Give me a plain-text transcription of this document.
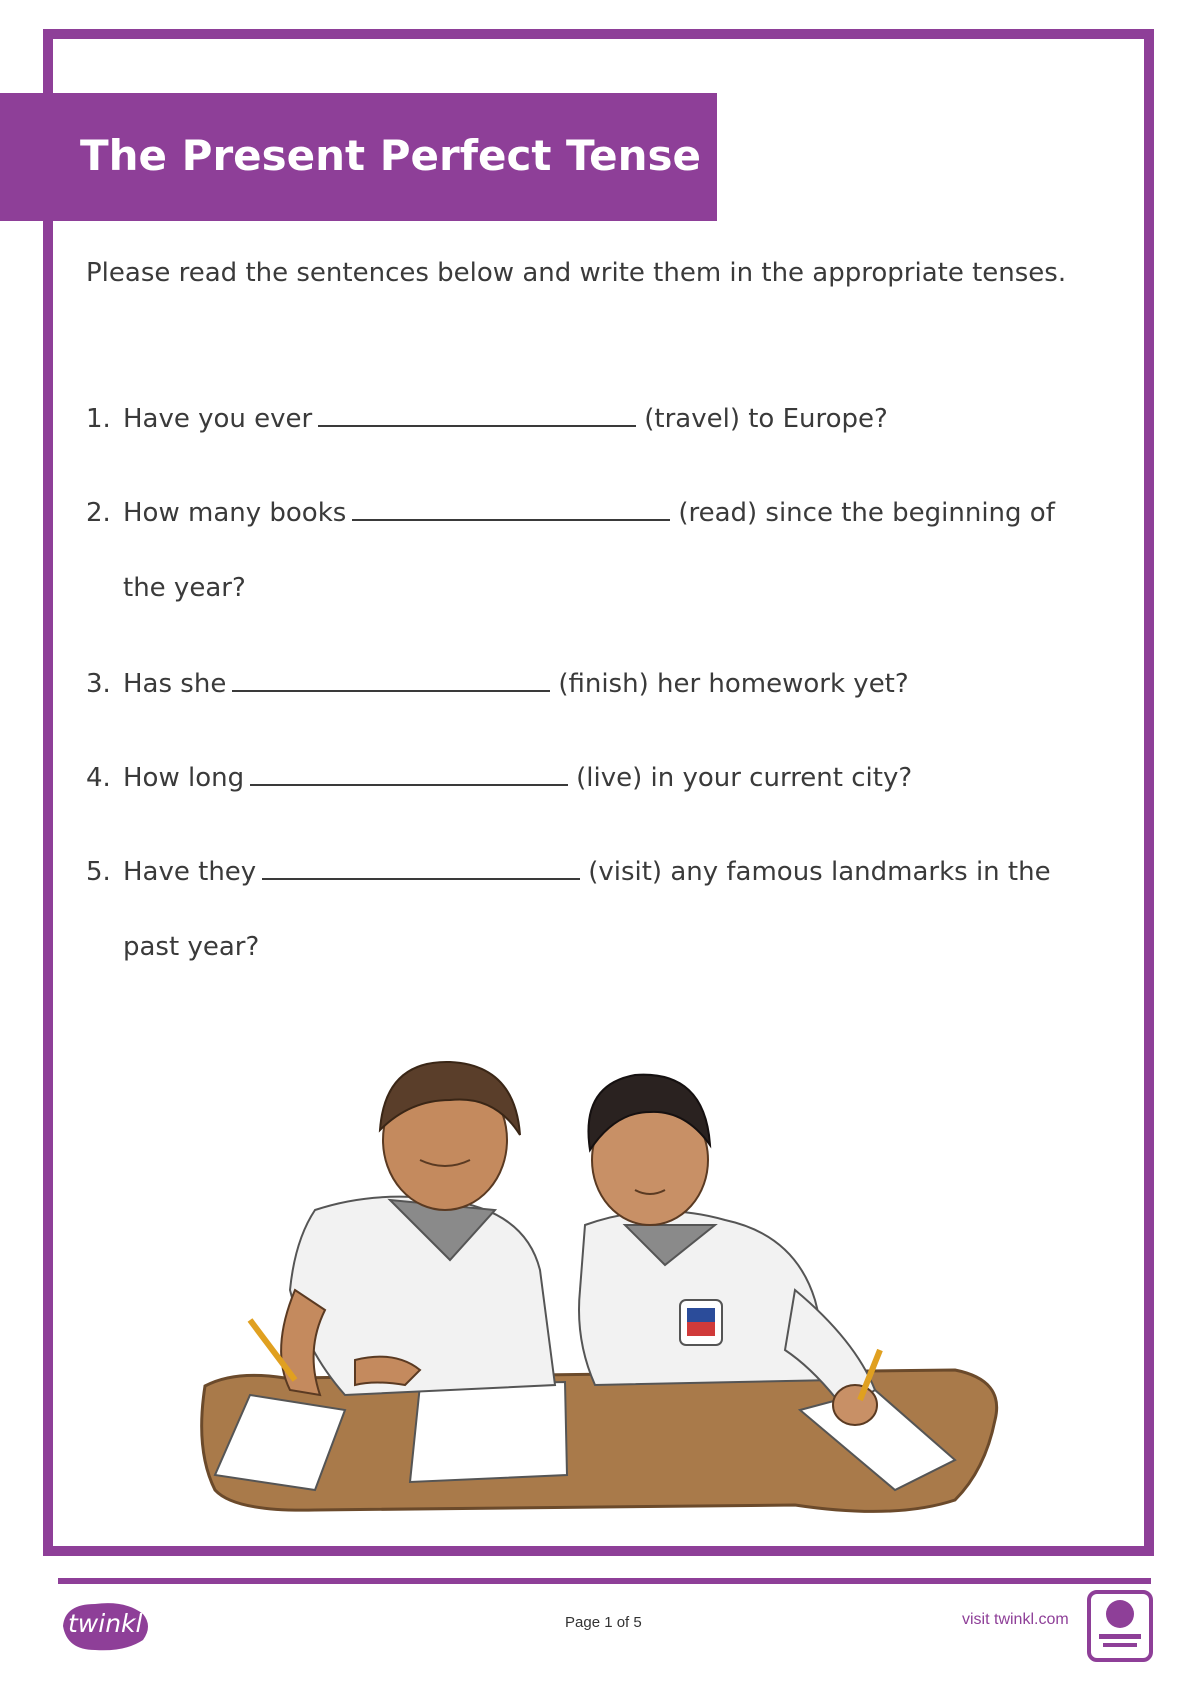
The Present Perfect Tense
Please read the sentences below and write them in the appropriate tenses.
1. Have you ever	(travel) to Europe?
2. How many books	(read) since the beginning of
the year?
3. Has she	(finish) her homework yet?
4. How long	(live) in your current city?
5. Have they	(visit) any famous landmarks in the
past year?
twinkl	Page 1 of 5	visit twinkl.com
